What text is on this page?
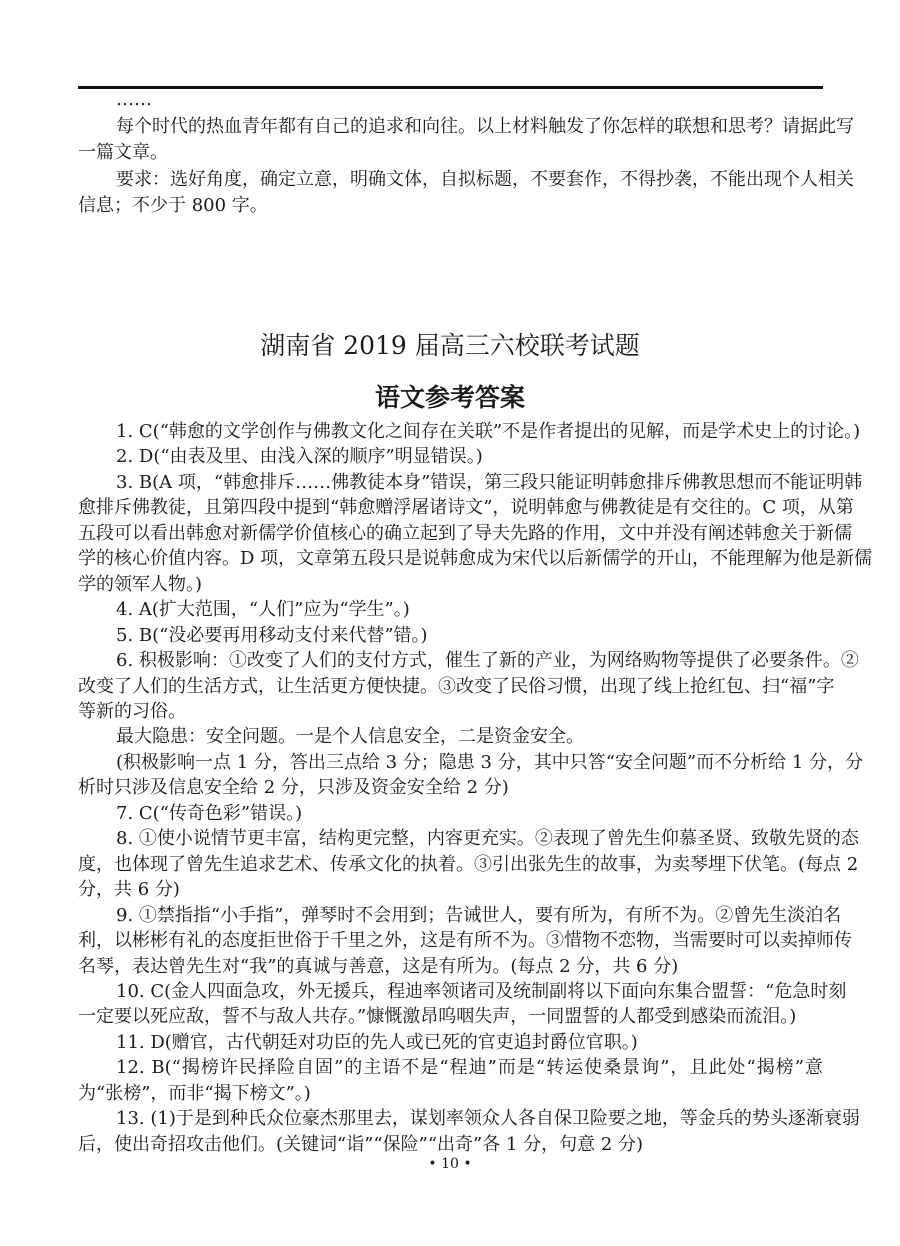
……
每个时代的热血青年都有自己的追求和向往。以上材料触发了你怎样的联想和思考？请据此写
一篇文章。
要求：选好角度，确定立意，明确文体，自拟标题，不要套作，不得抄袭，不能出现个人相关
信息；不少于 800 字。
湖南省 2019 届高三六校联考试题
语文参考答案
1. C(“韩愈的文学创作与佛教文化之间存在关联”不是作者提出的见解，而是学术史上的讨论。)
2. D(“由表及里、由浅入深的顺序”明显错误。)
3. B(A 项，“韩愈排斥……佛教徒本身”错误，第三段只能证明韩愈排斥佛教思想而不能证明韩
愈排斥佛教徒，且第四段中提到“韩愈赠浮屠诸诗文”，说明韩愈与佛教徒是有交往的。C 项，从第
五段可以看出韩愈对新儒学价值核心的确立起到了导夫先路的作用，文中并没有阐述韩愈关于新儒
学的核心价值内容。D 项，文章第五段只是说韩愈成为宋代以后新儒学的开山，不能理解为他是新儒
学的领军人物。)
4. A(扩大范围，“人们”应为“学生”。)
5. B(“没必要再用移动支付来代替”错。)
6. 积极影响：①改变了人们的支付方式，催生了新的产业，为网络购物等提供了必要条件。②
改变了人们的生活方式，让生活更方便快捷。③改变了民俗习惯，出现了线上抢红包、扫“福”字
等新的习俗。
最大隐患：安全问题。一是个人信息安全，二是资金安全。
(积极影响一点 1 分，答出三点给 3 分；隐患 3 分，其中只答“安全问题”而不分析给 1 分，分
析时只涉及信息安全给 2 分，只涉及资金安全给 2 分)
7. C(“传奇色彩”错误。)
8. ①使小说情节更丰富，结构更完整，内容更充实。②表现了曾先生仰慕圣贤、致敬先贤的态
度，也体现了曾先生追求艺术、传承文化的执着。③引出张先生的故事，为卖琴埋下伏笔。(每点 2
分，共 6 分)
9. ①禁指指“小手指”，弹琴时不会用到；告诫世人，要有所为，有所不为。②曾先生淡泊名
利，以彬彬有礼的态度拒世俗于千里之外，这是有所不为。③惜物不恋物，当需要时可以卖掉师传
名琴，表达曾先生对“我”的真诚与善意，这是有所为。(每点 2 分，共 6 分)
10. C(金人四面急攻，外无援兵，程迪率领诸司及统制副将以下面向东集合盟誓：“危急时刻
一定要以死应敌，誓不与敌人共存。”慷慨激昂呜咽失声，一同盟誓的人都受到感染而流泪。)
11. D(赠官，古代朝廷对功臣的先人或已死的官吏追封爵位官职。)
12. B(“揭榜许民择险自固”的主语不是“程迪”而是“转运使桑景询”，且此处“揭榜”意
为“张榜”，而非“揭下榜文”。)
13. (1)于是到种氏众位豪杰那里去，谋划率领众人各自保卫险要之地，等金兵的势头逐渐衰弱
后，使出奇招攻击他们。(关键词“诣”“保险”“出奇”各 1 分，句意 2 分)
• 10 •
